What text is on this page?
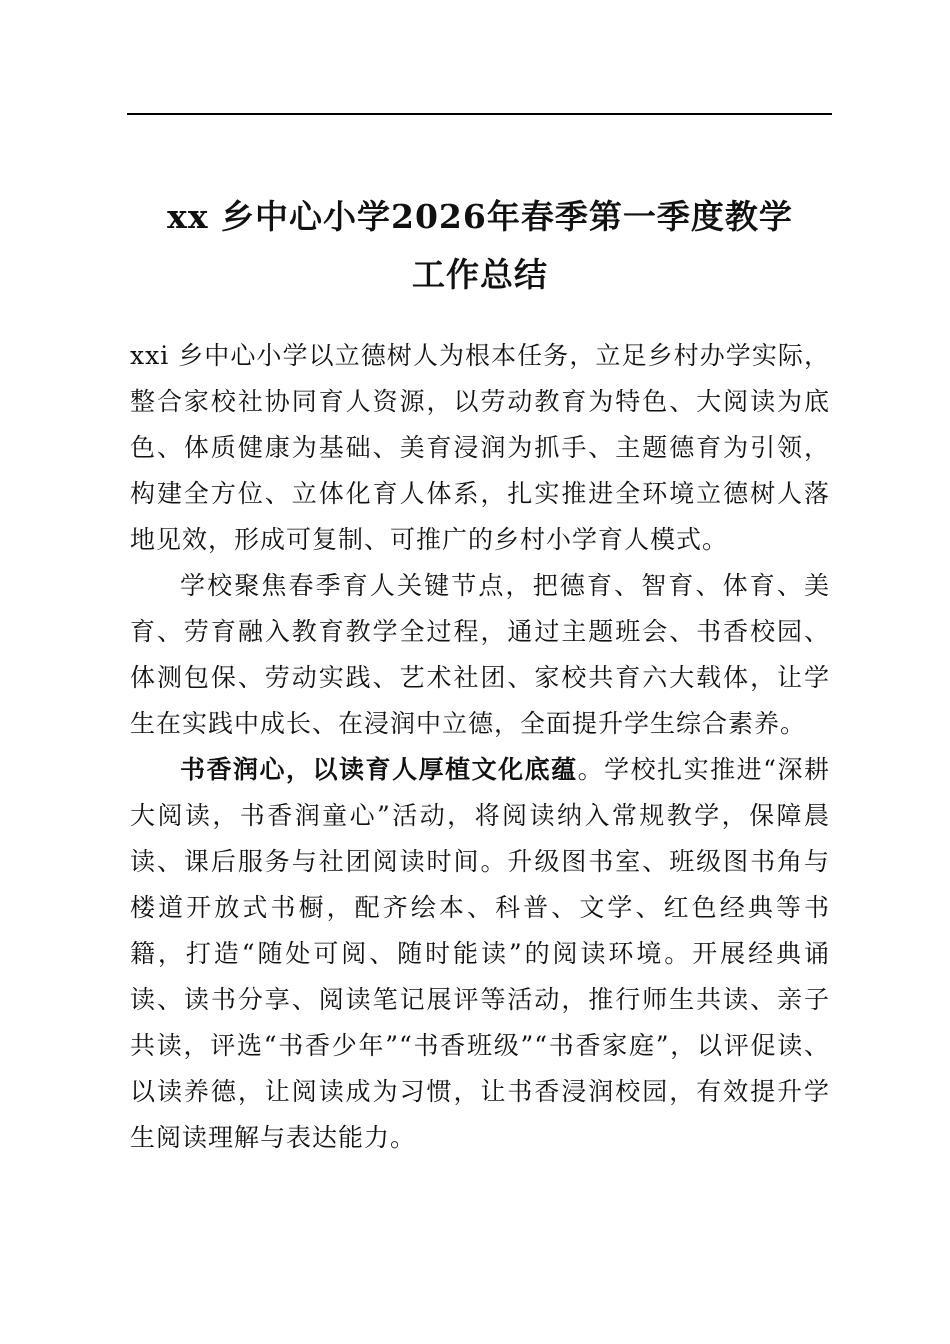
xx 乡中心小学2026年春季第一季度教学
工作总结

xxi 乡中心小学以立德树人为根本任务，立足乡村办学实际，整合家校社协同育人资源，以劳动教育为特色、大阅读为底色、体质健康为基础、美育浸润为抓手、主题德育为引领，构建全方位、立体化育人体系，扎实推进全环境立德树人落地见效，形成可复制、可推广的乡村小学育人模式。

学校聚焦春季育人关键节点，把德育、智育、体育、美育、劳育融入教育教学全过程，通过主题班会、书香校园、体测包保、劳动实践、艺术社团、家校共育六大载体，让学生在实践中成长、在浸润中立德，全面提升学生综合素养。

书香润心，以读育人厚植文化底蕴。学校扎实推进“深耕大阅读，书香润童心”活动，将阅读纳入常规教学，保障晨读、课后服务与社团阅读时间。升级图书室、班级图书角与楼道开放式书橱，配齐绘本、科普、文学、红色经典等书籍，打造“随处可阅、随时能读”的阅读环境。开展经典诵读、读书分享、阅读笔记展评等活动，推行师生共读、亲子共读，评选“书香少年”“书香班级”“书香家庭”，以评促读、以读养德，让阅读成为习惯，让书香浸润校园，有效提升学生阅读理解与表达能力。
